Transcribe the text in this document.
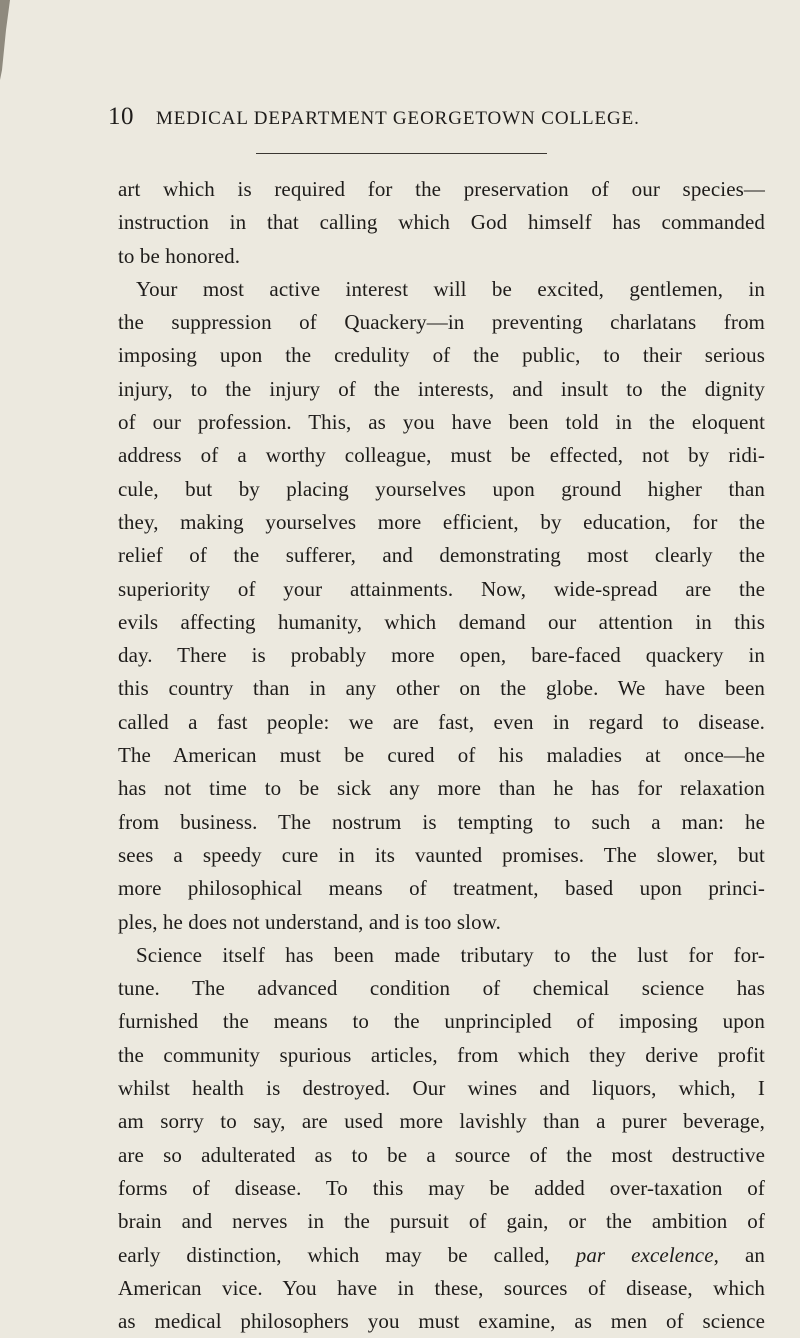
10 MEDICAL DEPARTMENT GEORGETOWN COLLEGE.
art which is required for the preservation of our species—
instruction in that calling which God himself has commanded
to be honored.
Your most active interest will be excited, gentlemen, in
the suppression of Quackery—in preventing charlatans from
imposing upon the credulity of the public, to their serious
injury, to the injury of the interests, and insult to the dignity
of our profession. This, as you have been told in the eloquent
address of a worthy colleague, must be effected, not by ridi-
cule, but by placing yourselves upon ground higher than
they, making yourselves more efficient, by education, for the
relief of the sufferer, and demonstrating most clearly the
superiority of your attainments. Now, wide-spread are the
evils affecting humanity, which demand our attention in this
day. There is probably more open, bare-faced quackery in
this country than in any other on the globe. We have been
called a fast people: we are fast, even in regard to disease.
The American must be cured of his maladies at once—he
has not time to be sick any more than he has for relaxation
from business. The nostrum is tempting to such a man: he
sees a speedy cure in its vaunted promises. The slower, but
more philosophical means of treatment, based upon princi-
ples, he does not understand, and is too slow.
Science itself has been made tributary to the lust for for-
tune. The advanced condition of chemical science has
furnished the means to the unprincipled of imposing upon
the community spurious articles, from which they derive profit
whilst health is destroyed. Our wines and liquors, which, I
am sorry to say, are used more lavishly than a purer beverage,
are so adulterated as to be a source of the most destructive
forms of disease. To this may be added over-taxation of
brain and nerves in the pursuit of gain, or the ambition of
early distinction, which may be called, par excelence, an
American vice. You have in these, sources of disease, which
as medical philosophers you must examine, as men of science
